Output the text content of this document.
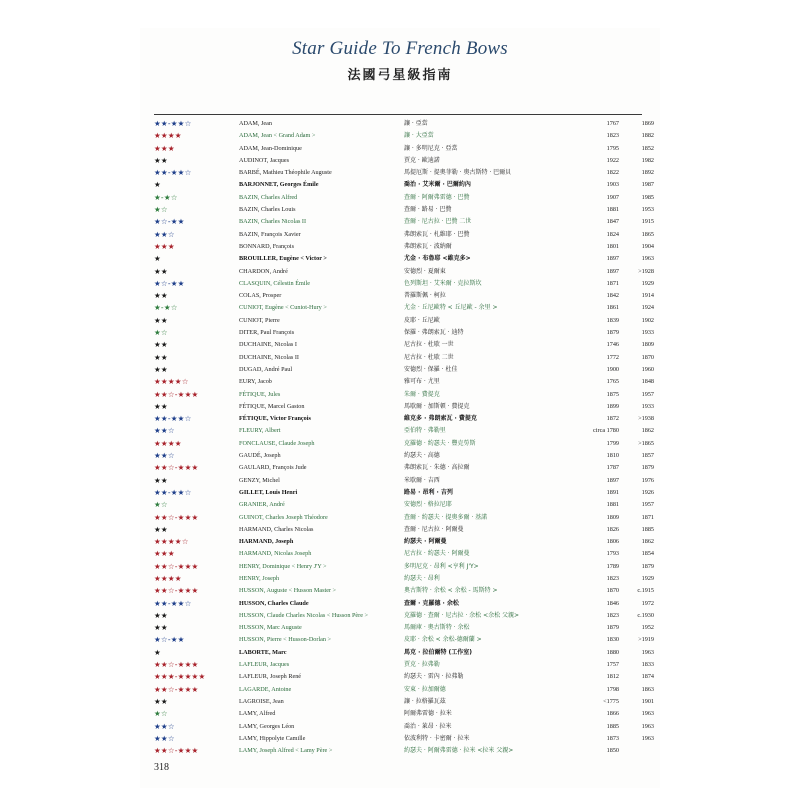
Star Guide To French Bows
法國弓星級指南
★★-★★☆	ADAM, Jean	讓 · 亞當	1767	1869
★★★★	ADAM, Jean < Grand Adam >	讓 · 大亞當	1823	1882
★★★	ADAM, Jean-Dominique	讓 · 多明尼克 · 亞當	1795	1852
★★	AUDINOT, Jacques	賈克 · 歐迪諾	1922	1982
★★-★★☆	BARBÉ, Mathieu Théophile Auguste	馬提厄斯 · 提奧菲勒 · 奧古斯特 · 巴爾貝	1822	1892
★	BARJONNET, Georges Émile	喬治 · 艾米爾 · 巴爾約內	1903	1987
★-★☆	BAZIN, Charles Alfred	查爾 · 阿爾弗雷德 · 巴贊	1907	1985
★☆	BAZIN, Charles Louis	查爾 · 路易 · 巴贊	1881	1953
★☆-★★	BAZIN, Charles Nicolas II	查爾 · 尼古拉 · 巴贊 二世	1847	1915
★★☆	BAZIN, François Xavier	弗朗索瓦 · 札維耶 · 巴贊	1824	1865
★★★	BONNARD, François	弗朗索瓦 · 波納爾	1801	1904
★	BROUILLER, Eugène < Victor >	尤金 · 布魯耶 <維克多>	1897	1963
★★	CHARDON, André	安德烈 · 夏爾東	1897	>1928
★☆-★★	CLASQUIN, Célestin Émile	色列斯坦 · 艾米爾 · 克拉斯坎	1871	1929
★★	COLAS, Prosper	普羅斯佩 · 柯拉	1842	1914
★-★☆	CUNIOT, Eugène < Cuniot-Hury >	尤金 · 丘尼歐特 < 丘尼歐 - 余里 >	1861	1924
★★	CUNIOT, Pierre	皮耶 · 丘尼歐	1839	1902
★☆	DITER, Paul François	保羅 · 弗朗索瓦 · 迪特	1879	1933
★★	DUCHAINE, Nicolas I	尼古拉 · 杜歇 一世	1746	1809
★★	DUCHAINE, Nicolas II	尼古拉 · 杜歇 二世	1772	1870
★★	DUGAD, André Paul	安德烈 · 保羅 · 杜佳	1900	1960
★★★★☆	EURY, Jacob	雅可布 · 尤里	1765	1848
★★☆-★★★	FÉTIQUE, Jules	朱爾 · 費提克	1875	1957
★★	FÉTIQUE, Marcel Gaston	馬歇爾 · 加斯頓 · 費提克	1899	1933
★★-★★☆	FÉTIQUE, Victor François	維克多 · 弗朗索瓦 · 費提克	1872	>1938
★★☆	FLEURY, Albert	亞伯特 · 弗勒里	circa 1780	1862
★★★★	FONCLAUSE, Claude Joseph	克羅德 · 約瑟夫 · 豐克勞斯	1799	>1865
★★☆	GAUDÉ, Joseph	約瑟夫 · 高德	1810	1857
★★☆-★★★	GAULARD, François Jude	弗朗索瓦 · 朱德 · 高拉爾	1787	1879
★★	GENZY, Michel	米歇爾 · 吉西	1897	1976
★★-★★☆	GILLET, Louis Henri	路易 · 昂利 · 吉列	1891	1926
★☆	GRANIER, André	安德烈 · 格拉尼耶	1881	1957
★★☆-★★★	GUINOT, Charles Joseph Théodore	查爾 · 約瑟夫 · 提奧多爾 · 基諾	1809	1871
★★	HARMAND, Charles Nicolas	查爾 · 尼古拉 · 阿爾曼	1826	1885
★★★★☆	HARMAND, Joseph	約瑟夫 · 阿爾曼	1806	1862
★★★	HARMAND, Nicolas Joseph	尼古拉 · 約瑟夫 · 阿爾曼	1793	1854
★★☆-★★★	HENRY, Dominique < Henry J'Y >	多明尼克 · 昂利 <亨利 J'Y>	1789	1879
★★★★	HENRY, Joseph	約瑟夫 · 昂利	1823	1929
★★☆-★★★	HUSSON, Auguste < Husson Master >	奧古斯特 · 余松 < 余松 - 馬斯特 >	1870	c.1915
★★-★★☆	HUSSON, Charles Claude	查爾 · 克羅德 · 余松	1846	1972
★★	HUSSON, Claude Charles Nicolas < Husson Père >	克羅德 · 查爾 · 尼古拉 · 余松 <余松 父親>	1823	c.1930
★★	HUSSON, Marc Auguste	馬爾庫 · 奧古斯特 · 余松	1879	1952
★☆-★★	HUSSON, Pierre < Husson-Dorlan >	皮耶 · 余松 < 余松-德爾蘭 >	1830	>1919
★	LABORTE, Marc	馬克 · 拉伯爾特 (工作室)	1880	1963
★★☆-★★★	LAFLEUR, Jacques	賈克 · 拉弗勒	1757	1833
★★★-★★★★	LAFLEUR, Joseph René	約瑟夫 · 雷內 · 拉弗勒	1812	1874
★★☆-★★★	LAGARDE, Antoine	安東 · 拉加爾德	1798	1863
★★	LAGROISE, Jean	讓 · 拉格羅瓦茲	<1775	1901
★☆	LAMY, Alfred	阿爾弗雷德 · 拉米	1866	1963
★★☆	LAMY, Georges Léon	喬治 · 萊昂 · 拉米	1885	1963
★★☆	LAMY, Hippolyte Camille	依波利特 · 卡密爾 · 拉米	1873	1963
★★☆-★★★	LAMY, Joseph Alfred < Lamy Père >	約瑟夫 · 阿爾弗雷德 · 拉米 <拉米 父親>	1850
318
